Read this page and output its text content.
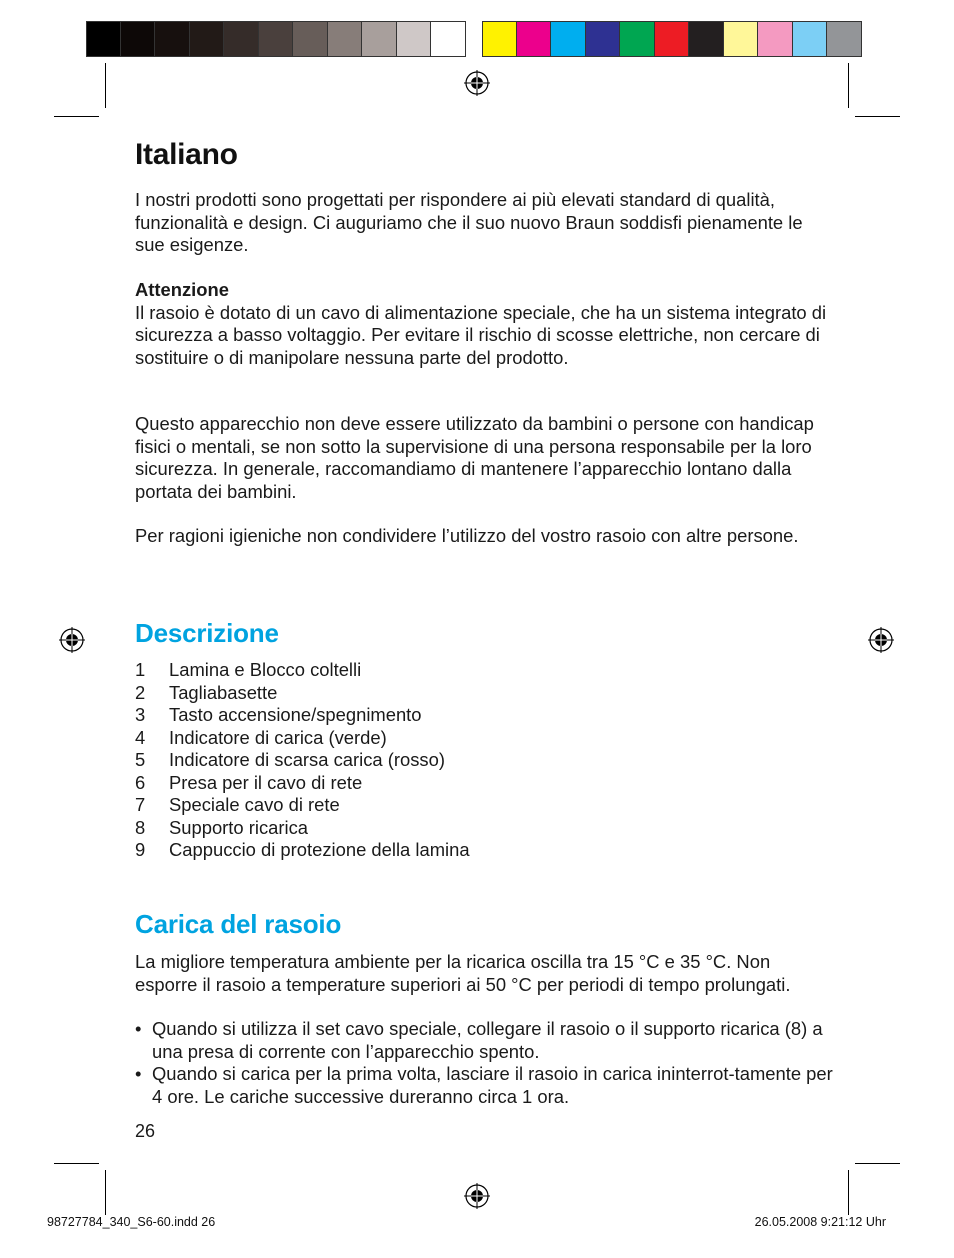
Italiano

I nostri prodotti sono progettati per rispondere ai più elevati standard di qualità, funzionalità e design. Ci auguriamo che il suo nuovo Braun soddisfi pienamente le sue esigenze.

Attenzione
Il rasoio è dotato di un cavo di alimentazione speciale, che ha un sistema integrato di sicurezza a basso voltaggio. Per evitare il rischio di scosse elettriche, non cercare di sostituire o di manipolare nessuna parte del prodotto.

Questo apparecchio non deve essere utilizzato da bambini o persone con handicap fisici o mentali, se non sotto la supervisione di una persona responsabile per la loro sicurezza. In generale, raccomandiamo di mantenere l’apparecchio lontano dalla portata dei bambini.

Per ragioni igieniche non condividere l’utilizzo del vostro rasoio con altre persone.

Descrizione
1	Lamina e Blocco coltelli
2	Tagliabasette
3	Tasto accensione/spegnimento
4	Indicatore di carica (verde)
5	Indicatore di scarsa carica (rosso)
6	Presa per il cavo di rete
7	Speciale cavo di rete
8	Supporto ricarica
9	Cappuccio di protezione della lamina
Carica del rasoio

La migliore temperatura ambiente per la ricarica oscilla tra 15 °C e 35 °C. Non esporre il rasoio a temperature superiori ai 50 °C per periodi di tempo prolungati.

• Quando si utilizza il set cavo speciale, collegare il rasoio o il supporto ricarica (8) a una presa di corrente con l’apparecchio spento.
• Quando si carica per la prima volta, lasciare il rasoio in carica ininterrot-tamente per 4 ore. Le cariche successive dureranno circa 1 ora.
26
98727784_340_S6-60.indd 26	26.05.2008 9:21:12 Uhr
